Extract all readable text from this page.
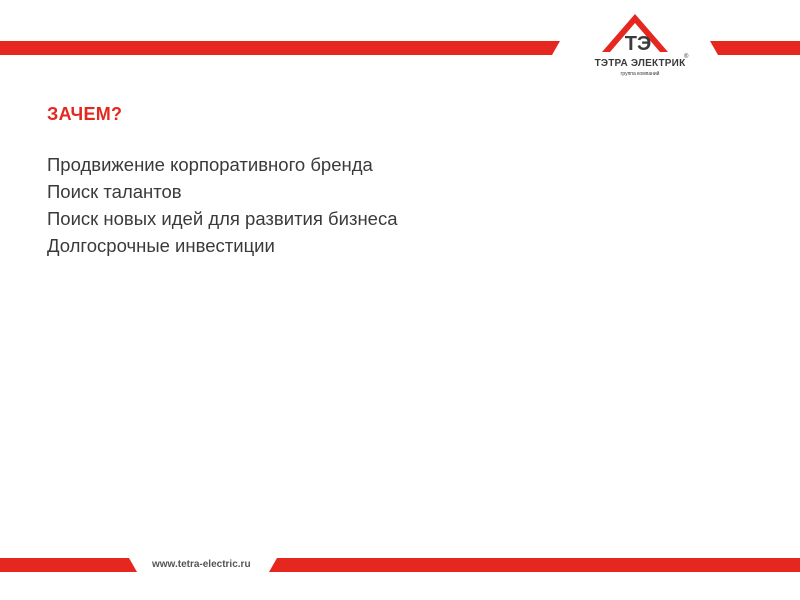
ТЭ
ТЭТРА ЭЛЕКТРИК
®
группа компаний
ЗАЧЕМ?
Продвижение корпоративного бренда
Поиск талантов
Поиск новых идей для развития бизнеса
Долгосрочные инвестиции
www.tetra-electric.ru
